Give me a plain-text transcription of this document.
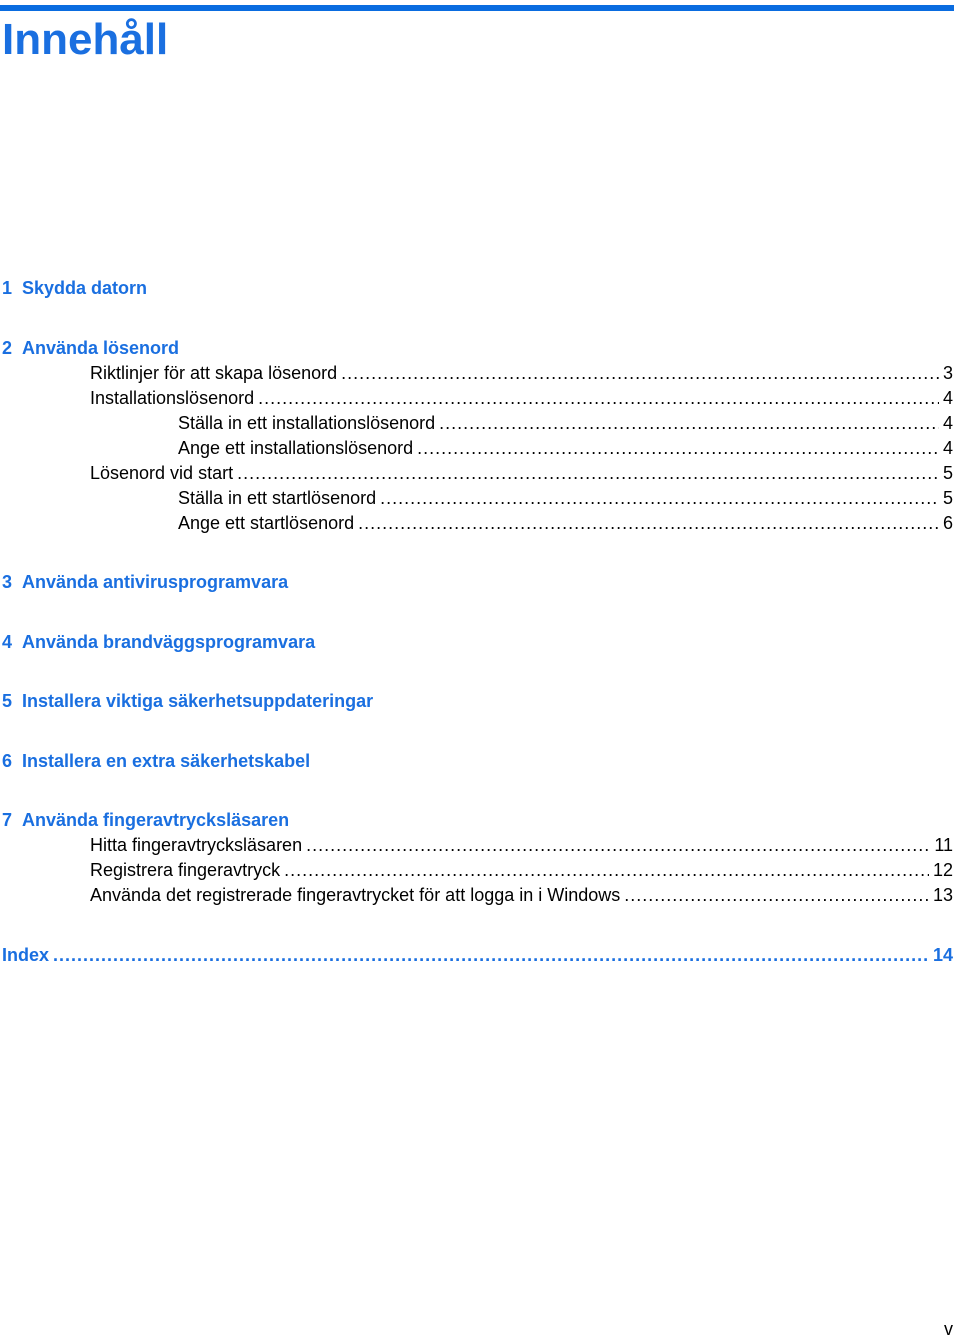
Innehåll
1 Skydda datorn
2 Använda lösenord
Riktlinjer för att skapa lösenord .....	3
Installationslösenord .....	4
Ställa in ett installationslösenord .....	4
Ange ett installationslösenord .....	4
Lösenord vid start .....	5
Ställa in ett startlösenord .....	5
Ange ett startlösenord .....	6
3 Använda antivirusprogramvara
4 Använda brandväggsprogramvara
5 Installera viktiga säkerhetsuppdateringar
6 Installera en extra säkerhetskabel
7 Använda fingeravtrycksläsaren
Hitta fingeravtrycksläsaren .....	11
Registrera fingeravtryck .....	12
Använda det registrerade fingeravtrycket för att logga in i Windows .....	13
Index .....	14
v
